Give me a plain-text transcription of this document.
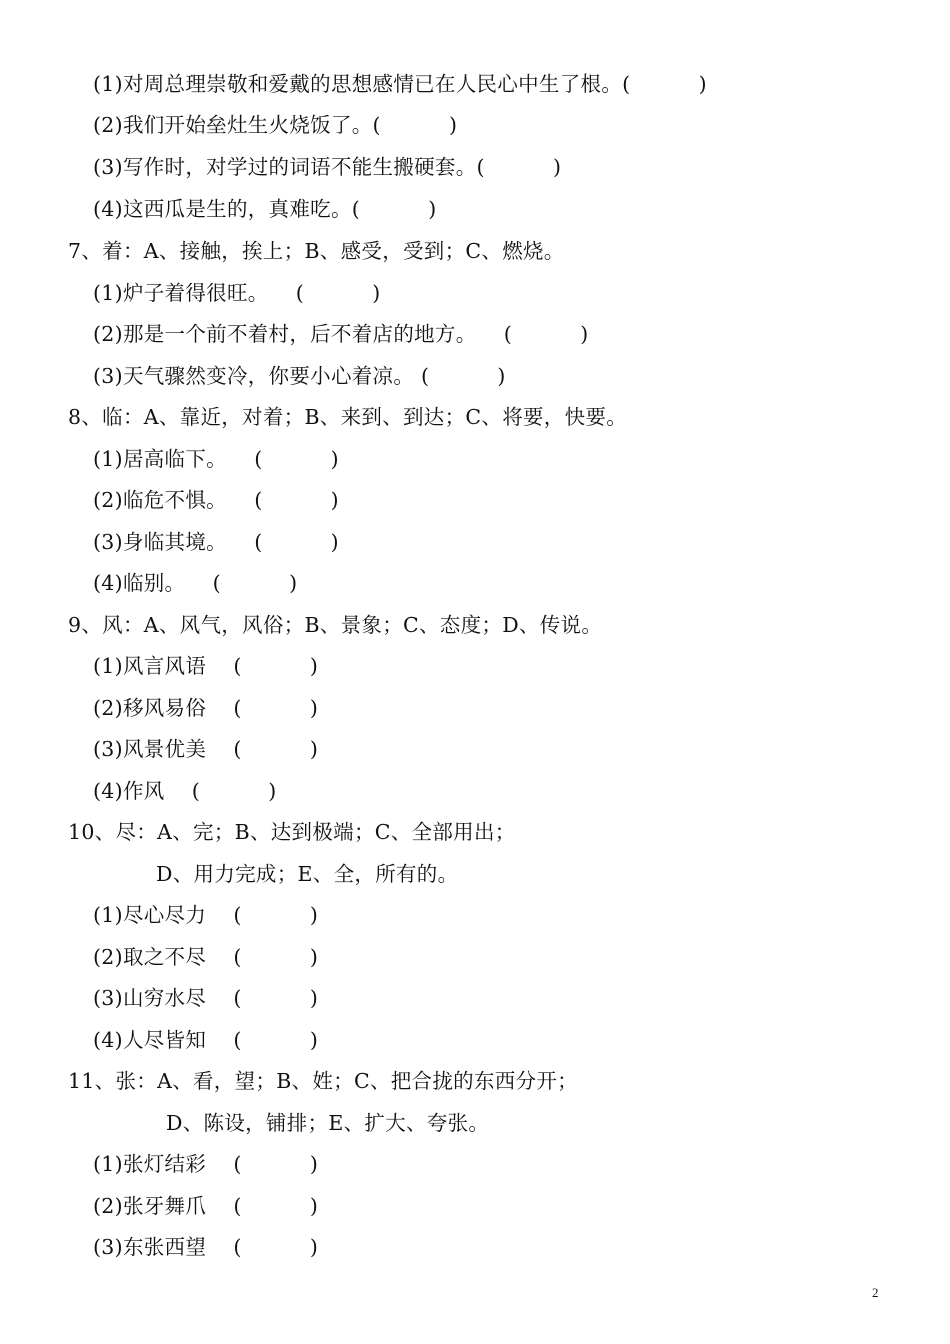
(1)对周总理崇敬和爱戴的思想感情已在人民心中生了根。(          )
(2)我们开始垒灶生火烧饭了。(          )
(3)写作时，对学过的词语不能生搬硬套。(          )
(4)这西瓜是生的，真难吃。(          )
7、着：A、接触，挨上；B、感受，受到；C、燃烧。
(1)炉子着得很旺。    (          )
(2)那是一个前不着村，后不着店的地方。    (          )
(3)天气骤然变冷，你要小心着凉。 (          )
8、临：A、靠近，对着；B、来到、到达；C、将要，快要。
(1)居高临下。    (          )
(2)临危不惧。    (          )
(3)身临其境。    (          )
(4)临别。    (          )
9、风：A、风气，风俗；B、景象；C、态度；D、传说。
(1)风言风语    (          )
(2)移风易俗    (          )
(3)风景优美    (          )
(4)作风    (          )
10、尽：A、完；B、达到极端；C、全部用出；
D、用力完成；E、全，所有的。
(1)尽心尽力    (          )
(2)取之不尽    (          )
(3)山穷水尽    (          )
(4)人尽皆知    (          )
11、张：A、看，望；B、姓；C、把合拢的东西分开；
D、陈设，铺排；E、扩大、夸张。
(1)张灯结彩    (          )
(2)张牙舞爪    (          )
(3)东张西望    (          )
2
